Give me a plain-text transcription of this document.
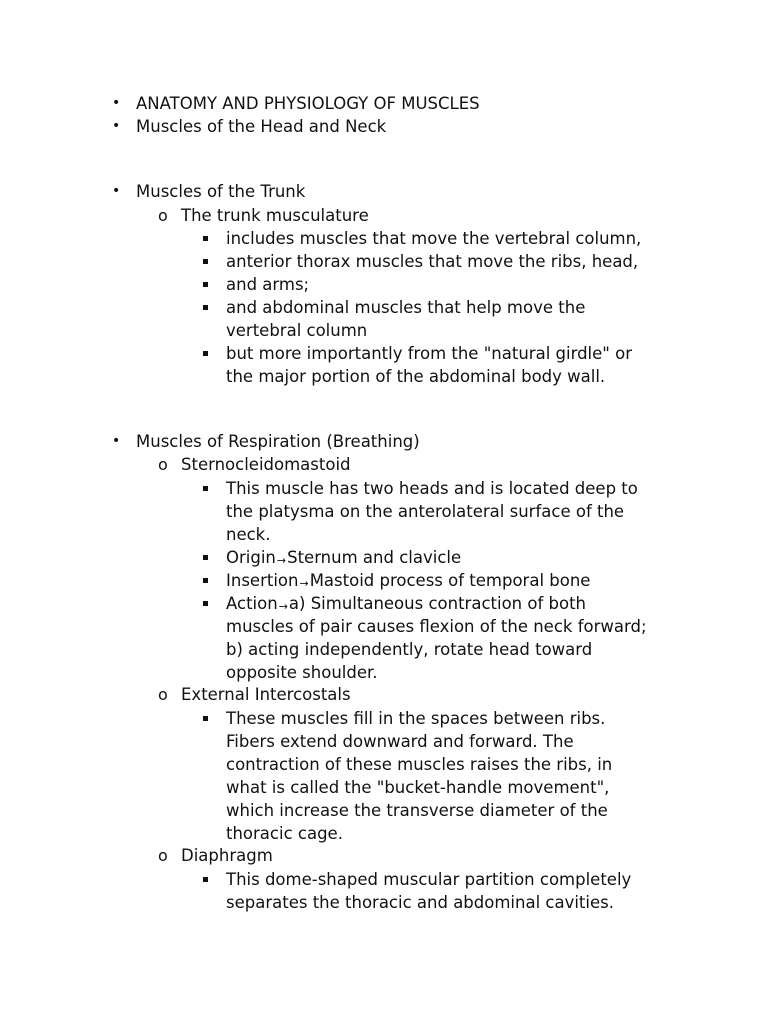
• ANATOMY AND PHYSIOLOGY OF MUSCLES
• Muscles of the Head and Neck
• Muscles of the Trunk
o The trunk musculature
includes muscles that move the vertebral column,
anterior thorax muscles that move the ribs, head,
and arms;
and abdominal muscles that help move the
vertebral column
but more importantly from the "natural girdle" or
the major portion of the abdominal body wall.
• Muscles of Respiration (Breathing)
o Sternocleidomastoid
This muscle has two heads and is located deep to
the platysma on the anterolateral surface of the
neck.
Origin→Sternum and clavicle
Insertion→Mastoid process of temporal bone
Action→a) Simultaneous contraction of both
muscles of pair causes flexion of the neck forward;
b) acting independently, rotate head toward
opposite shoulder.
o External Intercostals
These muscles fill in the spaces between ribs.
Fibers extend downward and forward. The
contraction of these muscles raises the ribs, in
what is called the "bucket-handle movement",
which increase the transverse diameter of the
thoracic cage.
o Diaphragm
This dome-shaped muscular partition completely
separates the thoracic and abdominal cavities.
